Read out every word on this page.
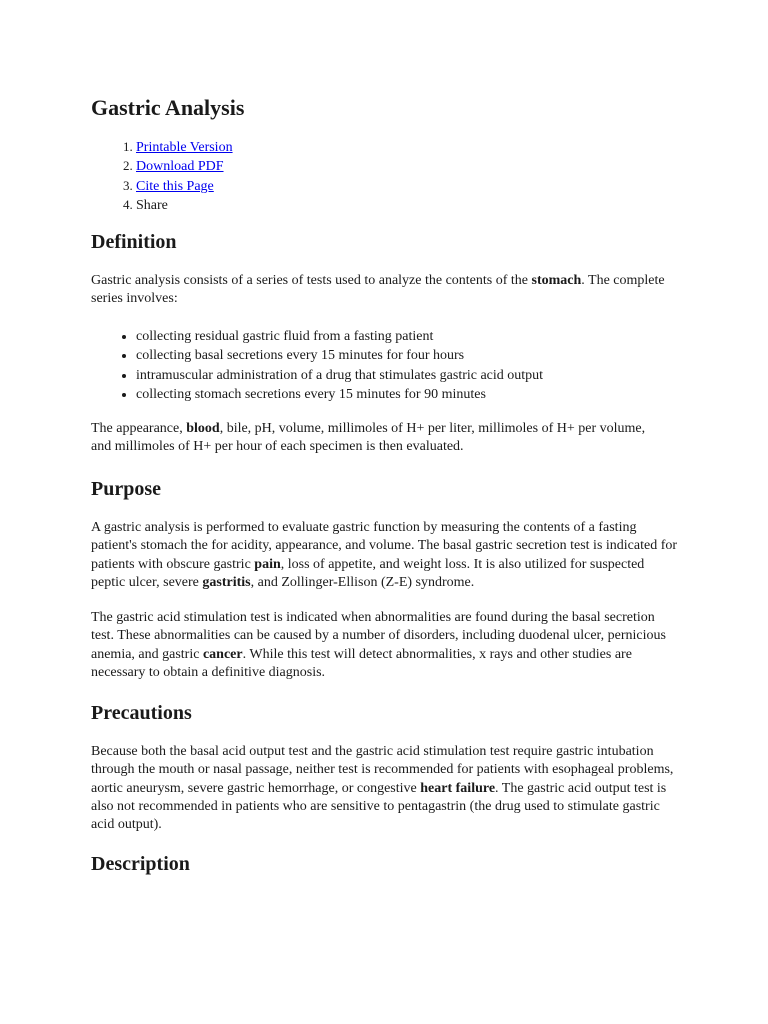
Gastric Analysis
1. Printable Version
2. Download PDF
3. Cite this Page
4. Share
Definition

Gastric analysis consists of a series of tests used to analyze the contents of the stomach. The complete series involves:

• collecting residual gastric fluid from a fasting patient
• collecting basal secretions every 15 minutes for four hours
• intramuscular administration of a drug that stimulates gastric acid output
• collecting stomach secretions every 15 minutes for 90 minutes

The appearance, blood, bile, pH, volume, millimoles of H+ per liter, millimoles of H+ per volume, and millimoles of H+ per hour of each specimen is then evaluated.

Purpose

A gastric analysis is performed to evaluate gastric function by measuring the contents of a fasting patient's stomach the for acidity, appearance, and volume. The basal gastric secretion test is indicated for patients with obscure gastric pain, loss of appetite, and weight loss. It is also utilized for suspected peptic ulcer, severe gastritis, and Zollinger-Ellison (Z-E) syndrome.

The gastric acid stimulation test is indicated when abnormalities are found during the basal secretion test. These abnormalities can be caused by a number of disorders, including duodenal ulcer, pernicious anemia, and gastric cancer. While this test will detect abnormalities, x rays and other studies are necessary to obtain a definitive diagnosis.

Precautions

Because both the basal acid output test and the gastric acid stimulation test require gastric intubation through the mouth or nasal passage, neither test is recommended for patients with esophageal problems, aortic aneurysm, severe gastric hemorrhage, or congestive heart failure. The gastric acid output test is also not recommended in patients who are sensitive to pentagastrin (the drug used to stimulate gastric acid output).

Description
